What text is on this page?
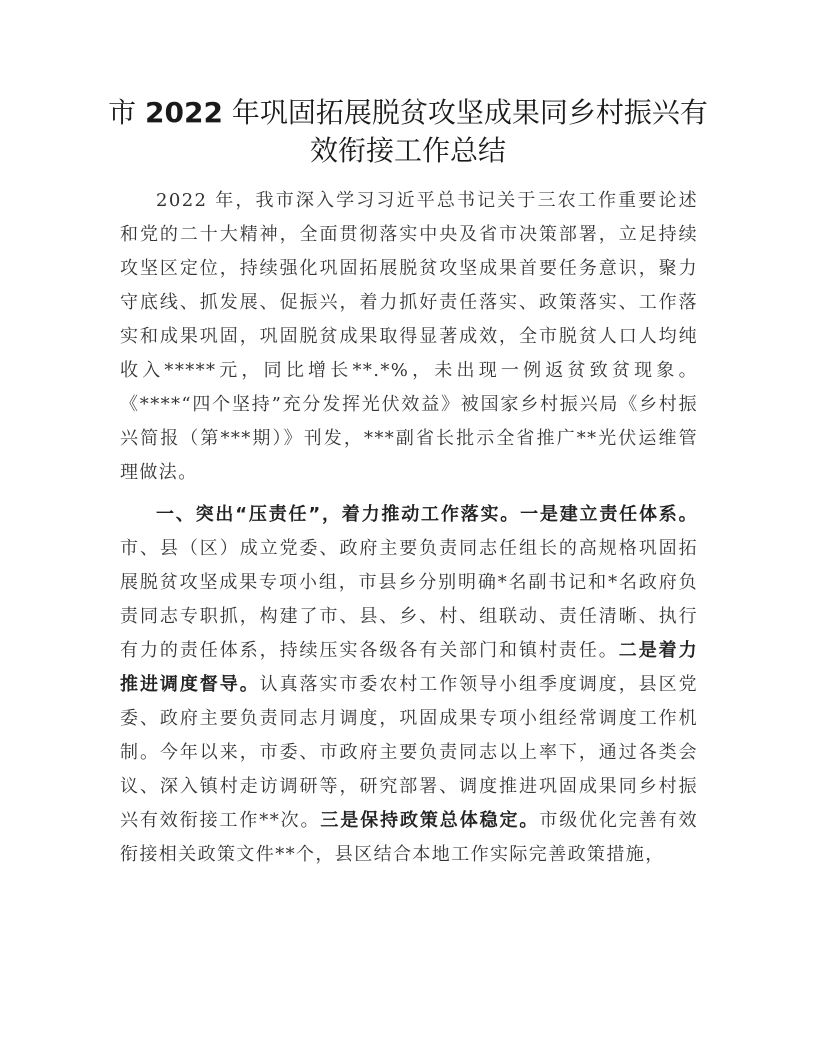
市 2022 年巩固拓展脱贫攻坚成果同乡村振兴有效衔接工作总结

2022 年，我市深入学习习近平总书记关于三农工作重要论述和党的二十大精神，全面贯彻落实中央及省市决策部署，立足持续攻坚区定位，持续强化巩固拓展脱贫攻坚成果首要任务意识，聚力守底线、抓发展、促振兴，着力抓好责任落实、政策落实、工作落实和成果巩固，巩固脱贫成果取得显著成效，全市脱贫人口人均纯收入*****元，同比增长**.*%，未出现一例返贫致贫现象。《****“四个坚持”充分发挥光伏效益》被国家乡村振兴局《乡村振兴简报（第***期）》刊发，***副省长批示全省推广**光伏运维管理做法。

一、突出“压责任”，着力推动工作落实。一是建立责任体系。市、县（区）成立党委、政府主要负责同志任组长的高规格巩固拓展脱贫攻坚成果专项小组，市县乡分别明确*名副书记和*名政府负责同志专职抓，构建了市、县、乡、村、组联动、责任清晰、执行有力的责任体系，持续压实各级各有关部门和镇村责任。二是着力推进调度督导。认真落实市委农村工作领导小组季度调度，县区党委、政府主要负责同志月调度，巩固成果专项小组经常调度工作机制。今年以来，市委、市政府主要负责同志以上率下，通过各类会议、深入镇村走访调研等，研究部署、调度推进巩固成果同乡村振兴有效衔接工作**次。三是保持政策总体稳定。市级优化完善有效衔接相关政策文件**个，县区结合本地工作实际完善政策措施，
